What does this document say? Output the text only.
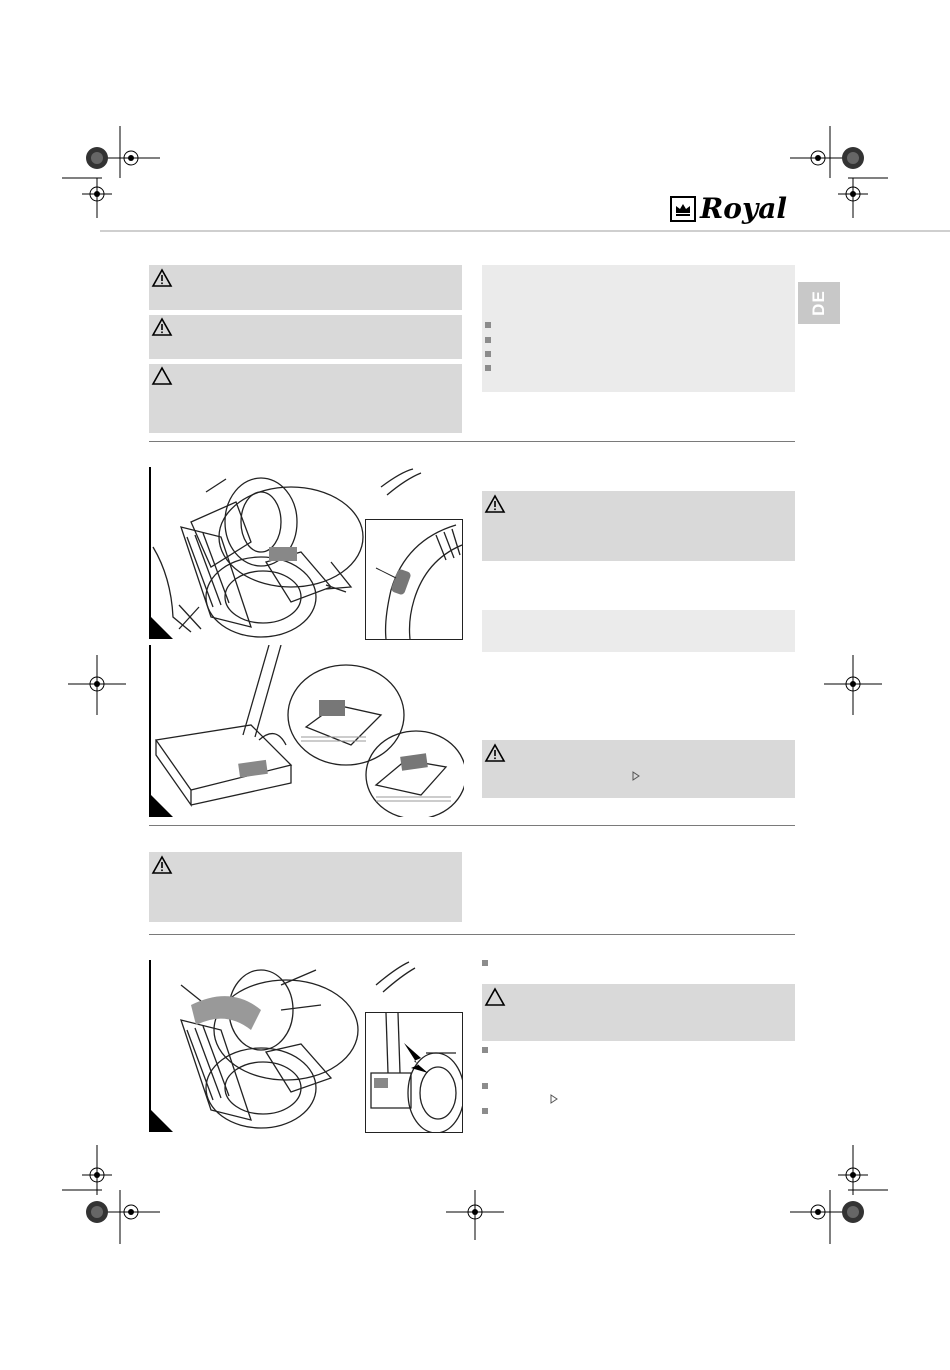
Royal
DE
